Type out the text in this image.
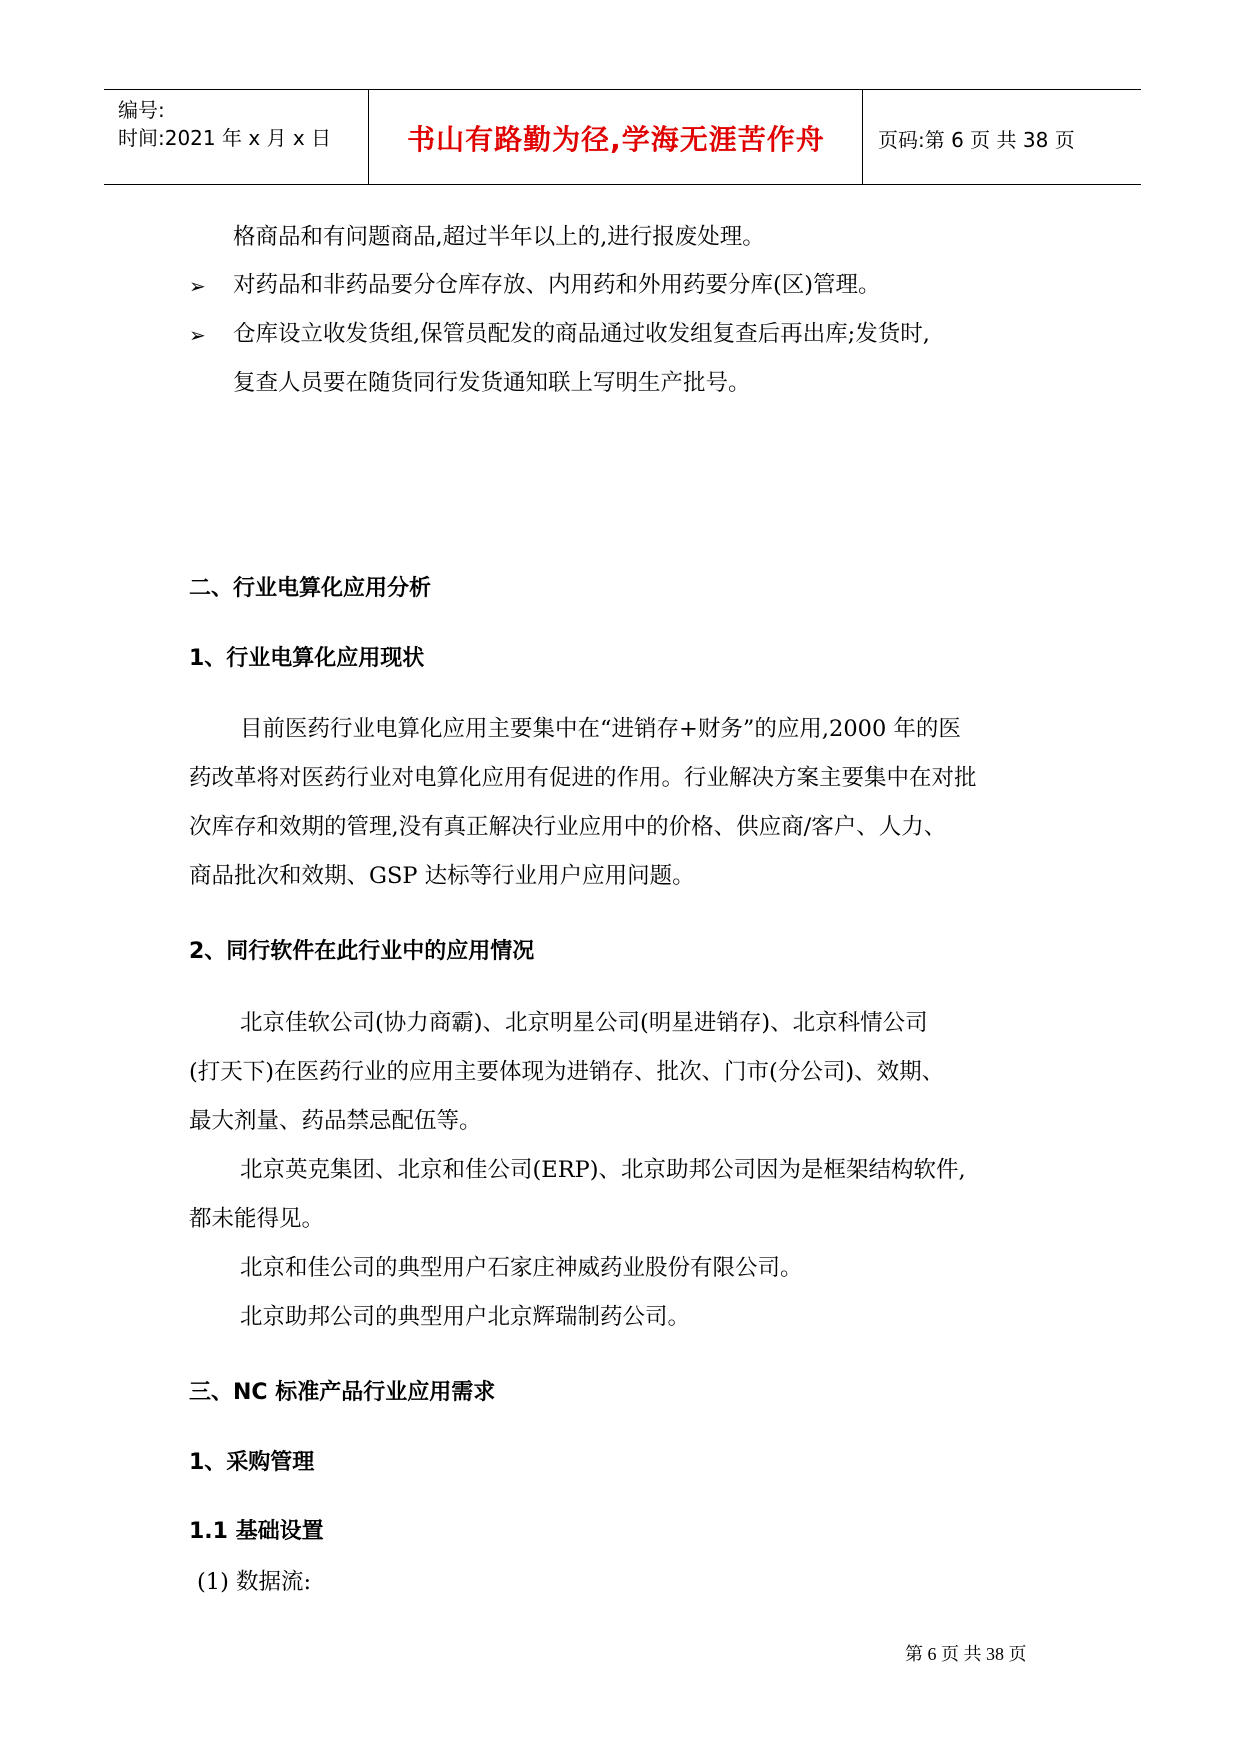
编号:
时间:2021 年 x 月 x 日	书山有路勤为径,学海无涯苦作舟	页码:第 6 页 共 38 页
格商品和有问题商品,超过半年以上的,进行报废处理。
➢ 对药品和非药品要分仓库存放、内用药和外用药要分库(区)管理。
➢ 仓库设立收发货组,保管员配发的商品通过收发组复查后再出库;发货时,
复查人员要在随货同行发货通知联上写明生产批号。
二、行业电算化应用分析
1、行业电算化应用现状
目前医药行业电算化应用主要集中在“进销存+财务”的应用,2000 年的医
药改革将对医药行业对电算化应用有促进的作用。行业解决方案主要集中在对批
次库存和效期的管理,没有真正解决行业应用中的价格、供应商/客户、人力、
商品批次和效期、GSP 达标等行业用户应用问题。
2、同行软件在此行业中的应用情况
北京佳软公司(协力商霸)、北京明星公司(明星进销存)、北京科情公司
(打天下)在医药行业的应用主要体现为进销存、批次、门市(分公司)、效期、
最大剂量、药品禁忌配伍等。
北京英克集团、北京和佳公司(ERP)、北京助邦公司因为是框架结构软件,
都未能得见。
北京和佳公司的典型用户石家庄神威药业股份有限公司。
北京助邦公司的典型用户北京辉瑞制药公司。
三、NC 标准产品行业应用需求
1、采购管理
1.1 基础设置
(1) 数据流:
第 6 页 共 38 页
